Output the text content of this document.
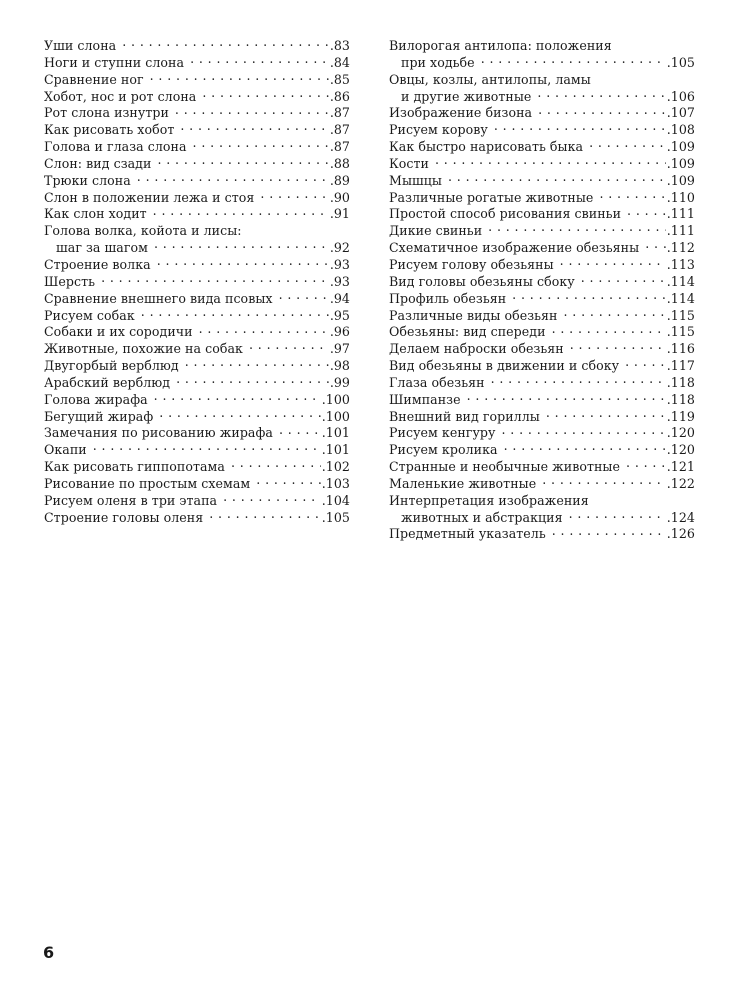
Уши слона . . .	.83
Ноги и ступни слона . . .	.84
Сравнение ног . . .	.85
Хобот, нос и рот слона . . .	.86
Рот слона изнутри . . .	.87
Как рисовать хобот . . .	.87
Голова и глаза слона . . .	.87
Слон: вид сзади . . .	.88
Трюки слона . . .	.89
Слон в положении лежа и стоя . . .	.90
Как слон ходит . . .	.91
Голова волка, койота и лисы:
шаг за шагом . . .	.92
Строение волка . . .	.93
Шерсть . . .	.93
Сравнение внешнего вида псовых . . .	.94
Рисуем собак . . .	.95
Собаки и их сородичи . . .	.96
Животные, похожие на собак . . .	.97
Двугорбый верблюд . . .	.98
Арабский верблюд . . .	.99
Голова жирафа . . .	.100
Бегущий жираф . . .	.100
Замечания по рисованию жирафа . . .	.101
Окапи . . .	.101
Как рисовать гиппопотама . . .	.102
Рисование по простым схемам . . .	.103
Рисуем оленя в три этапа . . .	.104
Строение головы оленя . . .	.105
Вилорогая антилопа: положения
при ходьбе . . .	.105
Овцы, козлы, антилопы, ламы
и другие животные . . .	.106
Изображение бизона . . .	.107
Рисуем корову . . .	.108
Как быстро нарисовать быка . . .	.109
Кости . . .	.109
Мышцы . . .	.109
Различные рогатые животные . . .	.110
Простой способ рисования свиньи . . .	.111
Дикие свиньи . . .	.111
Схематичное изображение обезьяны . . . .112
Рисуем голову обезьяны . . .	.113
Вид головы обезьяны сбоку . . .	.114
Профиль обезьян . . .	.114
Различные виды обезьян . . .	.115
Обезьяны: вид спереди . . .	.115
Делаем наброски обезьян . . .	.116
Вид обезьяны в движении и сбоку . . .	.117
Глаза обезьян . . .	.118
Шимпанзе . . .	.118
Внешний вид гориллы . . .	.119
Рисуем кенгуру . . .	.120
Рисуем кролика . . .	.120
Странные и необычные животные . . .	.121
Маленькие животные . . .	.122
Интерпретация изображения
животных и абстракция . . .	.124
Предметный указатель . . .	.126
6
